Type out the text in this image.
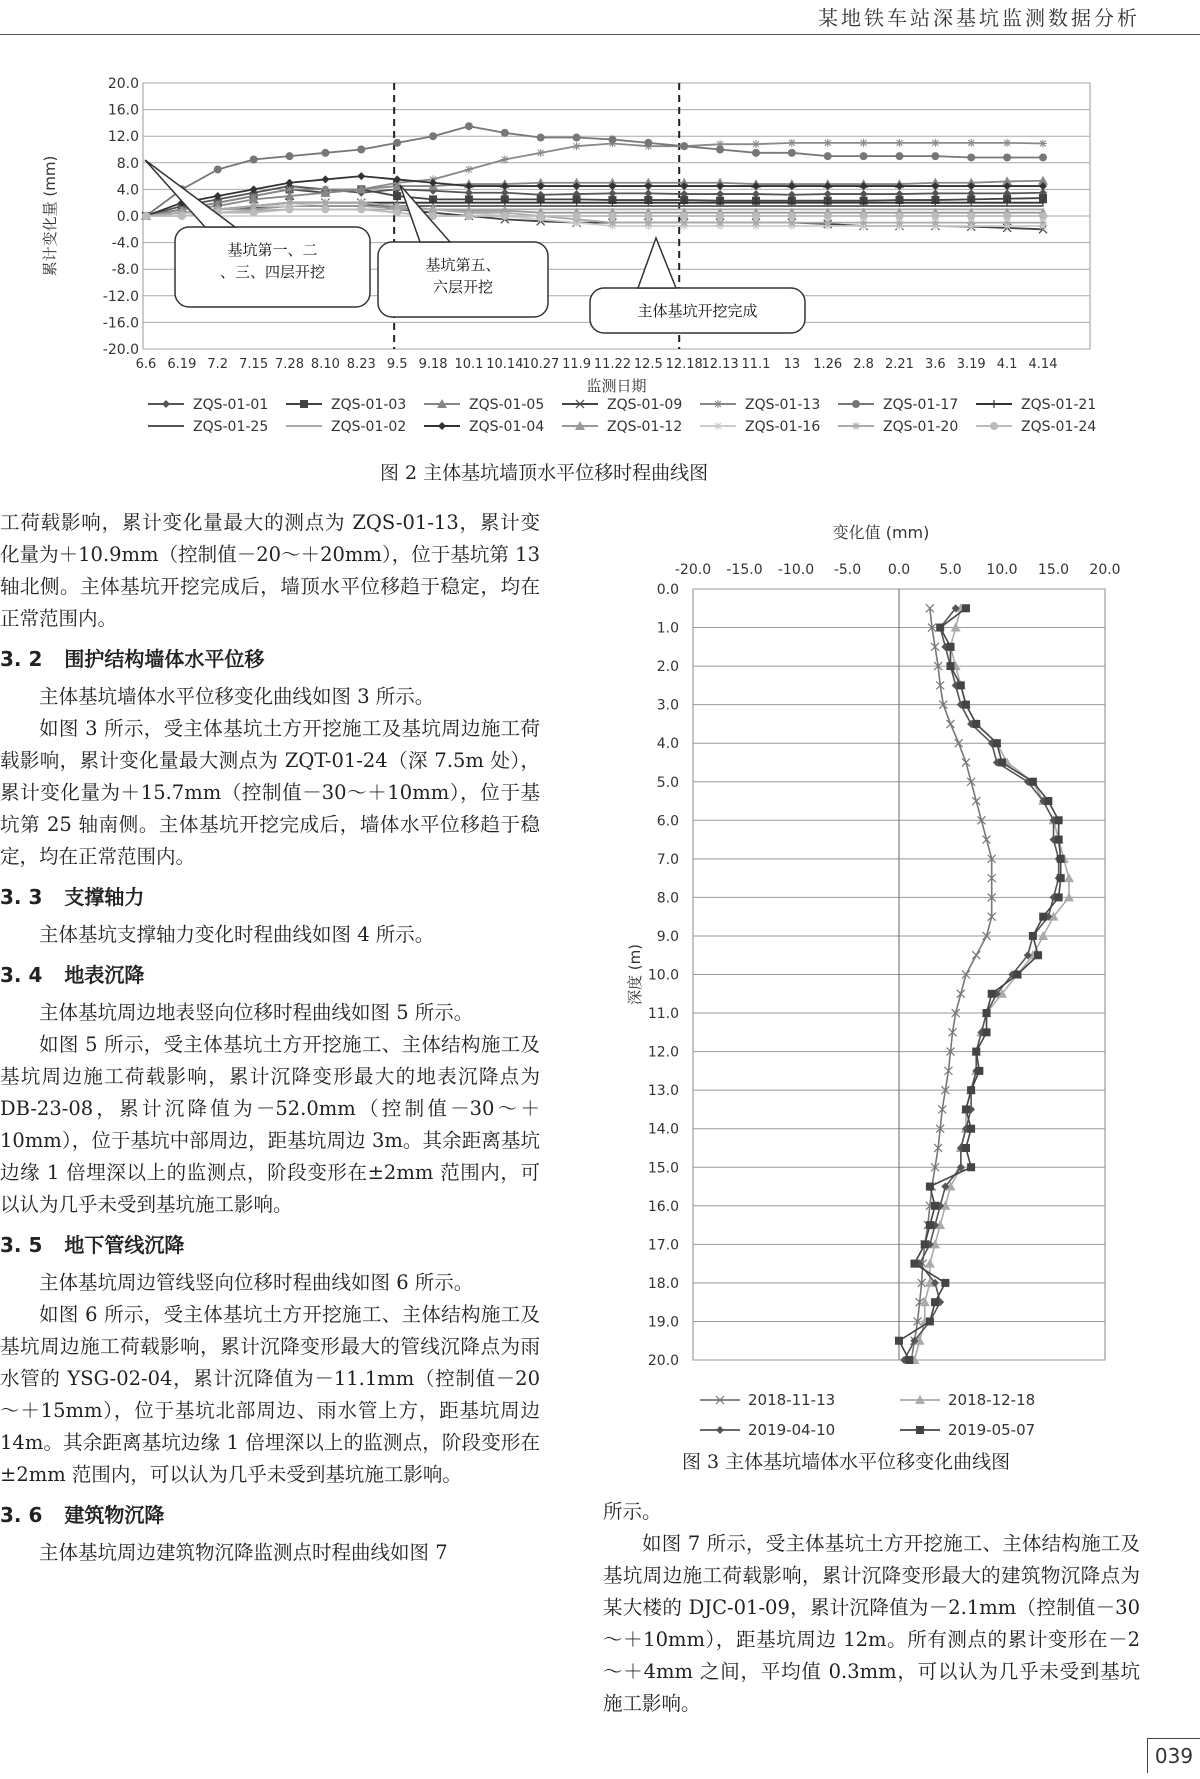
某地铁车站深基坑监测数据分析
20.0
16.0
12.0
8.0
4.0
0.0
-4.0
-8.0
-12.0
-16.0
-20.0
6.6 6.19 7.2 7.15 7.28 8.10 8.23 9.5 9.18 10.1 10.14
10.27 11.9 11.22 12.5 12.18
12.13 11.1 13 1.26 2.8 2.21 3.6 3.19 4.1 4.14
监测日期
累计变化量 (mm)	基坑第一、二
、三、四层开挖	基坑第五、
六层开挖
主体基坑开挖完成
ZQS-01-01	ZQS-01-03	ZQS-01-05	ZQS-01-09	ZQS-01-13	ZQS-01-17	ZQS-01-21
ZQS-01-25	ZQS-01-02	ZQS-01-04	ZQS-01-12	ZQS-01-16	ZQS-01-20	ZQS-01-24
图 2 主体基坑墙顶水平位移时程曲线图

工荷载影响，累计变化量最大的测点为 ZQS-01-13，累计变化量为＋10.9mm（控制值－20～＋20mm），位于基坑第 13 轴北侧。主体基坑开挖完成后，墙顶水平位移趋于稳定，均在正常范围内。

3. 2 围护结构墙体水平位移

主体基坑墙体水平位移变化曲线如图 3 所示。

如图 3 所示，受主体基坑土方开挖施工及基坑周边施工荷载影响，累计变化量最大测点为 ZQT-01-24（深 7.5m 处），累计变化量为＋15.7mm（控制值－30～＋10mm），位于基坑第 25 轴南侧。主体基坑开挖完成后，墙体水平位移趋于稳定，均在正常范围内。

3. 3 支撑轴力

主体基坑支撑轴力变化时程曲线如图 4 所示。

3. 4 地表沉降

主体基坑周边地表竖向位移时程曲线如图 5 所示。

如图 5 所示，受主体基坑土方开挖施工、主体结构施工及基坑周边施工荷载影响，累计沉降变形最大的地表沉降点为 DB-23-08，累计沉降值为－52.0mm（控制值－30～＋10mm），位于基坑中部周边，距基坑周边 3m。其余距离基坑边缘 1 倍埋深以上的监测点，阶段变形在±2mm 范围内，可以认为几乎未受到基坑施工影响。

3. 5 地下管线沉降

主体基坑周边管线竖向位移时程曲线如图 6 所示。

如图 6 所示，受主体基坑土方开挖施工、主体结构施工及基坑周边施工荷载影响，累计沉降变形最大的管线沉降点为雨水管的 YSG-02-04，累计沉降值为－11.1mm（控制值－20～＋15mm），位于基坑北部周边、雨水管上方，距基坑周边 14m。其余距离基坑边缘 1 倍埋深以上的监测点，阶段变形在±2mm 范围内，可以认为几乎未受到基坑施工影响。

3. 6 建筑物沉降

主体基坑周边建筑物沉降监测点时程曲线如图 7

变化值 (mm)
0.0
1.0
2.0
3.0
4.0
5.0
6.0
7.0
8.0
9.0
10.0
11.0
12.0
13.0
14.0
15.0
16.0
17.0
18.0
19.0
20.0
-20.0 -15.0 -10.0 -5.0 0.0 5.0 10.0 15.0 20.0
深度 (m)
2018-11-13	2018-12-18
2019-04-10	2019-05-07
图 3 主体基坑墙体水平位移变化曲线图

所示。

如图 7 所示，受主体基坑土方开挖施工、主体结构施工及基坑周边施工荷载影响，累计沉降变形最大的建筑物沉降点为某大楼的 DJC-01-09，累计沉降值为－2.1mm（控制值－30～＋10mm），距基坑周边 12m。所有测点的累计变形在－2～＋4mm 之间，平均值 0.3mm，可以认为几乎未受到基坑施工影响。

039
